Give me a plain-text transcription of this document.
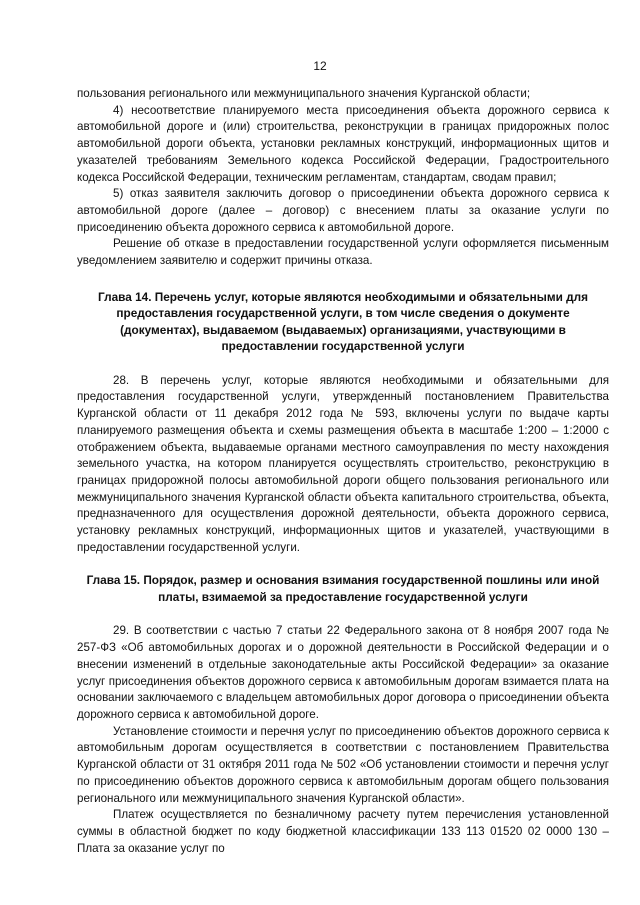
12

пользования регионального или межмуниципального значения Курганской области;

4) несоответствие планируемого места присоединения объекта дорожного сервиса к автомобильной дороге и (или) строительства, реконструкции в границах придорожных полос автомобильной дороги объекта, установки рекламных конструкций, информационных щитов и указателей требованиям Земельного кодекса Российской Федерации, Градостроительного кодекса Российской Федерации, техническим регламентам, стандартам, сводам правил;

5) отказ заявителя заключить договор о присоединении объекта дорожного сервиса к автомобильной дороге (далее – договор) с внесением платы за оказание услуги по присоединению объекта дорожного сервиса к автомобильной дороге.

Решение об отказе в предоставлении государственной услуги оформляется письменным уведомлением заявителю и содержит причины отказа.

Глава 14. Перечень услуг, которые являются необходимыми и обязательными для предоставления государственной услуги, в том числе сведения о документе (документах), выдаваемом (выдаваемых) организациями, участвующими в предоставлении государственной услуги

28. В перечень услуг, которые являются необходимыми и обязательными для предоставления государственной услуги, утвержденный постановлением Правительства Курганской области от 11 декабря 2012 года № 593, включены услуги по выдаче карты планируемого размещения объекта и схемы размещения объекта в масштабе 1:200 – 1:2000 с отображением объекта, выдаваемые органами местного самоуправления по месту нахождения земельного участка, на котором планируется осуществлять строительство, реконструкцию в границах придорожной полосы автомобильной дороги общего пользования регионального или межмуниципального значения Курганской области объекта капитального строительства, объекта, предназначенного для осуществления дорожной деятельности, объекта дорожного сервиса, установку рекламных конструкций, информационных щитов и указателей, участвующими в предоставлении государственной услуги.

Глава 15. Порядок, размер и основания взимания государственной пошлины или иной платы, взимаемой за предоставление государственной услуги

29. В соответствии с частью 7 статьи 22 Федерального закона от 8 ноября 2007 года № 257-ФЗ «Об автомобильных дорогах и о дорожной деятельности в Российской Федерации и о внесении изменений в отдельные законодательные акты Российской Федерации» за оказание услуг присоединения объектов дорожного сервиса к автомобильным дорогам взимается плата на основании заключаемого с владельцем автомобильных дорог договора о присоединении объекта дорожного сервиса к автомобильной дороге.

Установление стоимости и перечня услуг по присоединению объектов дорожного сервиса к автомобильным дорогам осуществляется в соответствии с постановлением Правительства Курганской области от 31 октября 2011 года № 502 «Об установлении стоимости и перечня услуг по присоединению объектов дорожного сервиса к автомобильным дорогам общего пользования регионального или межмуниципального значения Курганской области».

Платеж осуществляется по безналичному расчету путем перечисления установленной суммы в областной бюджет по коду бюджетной классификации 133 113 01520 02 0000 130 – Плата за оказание услуг по
